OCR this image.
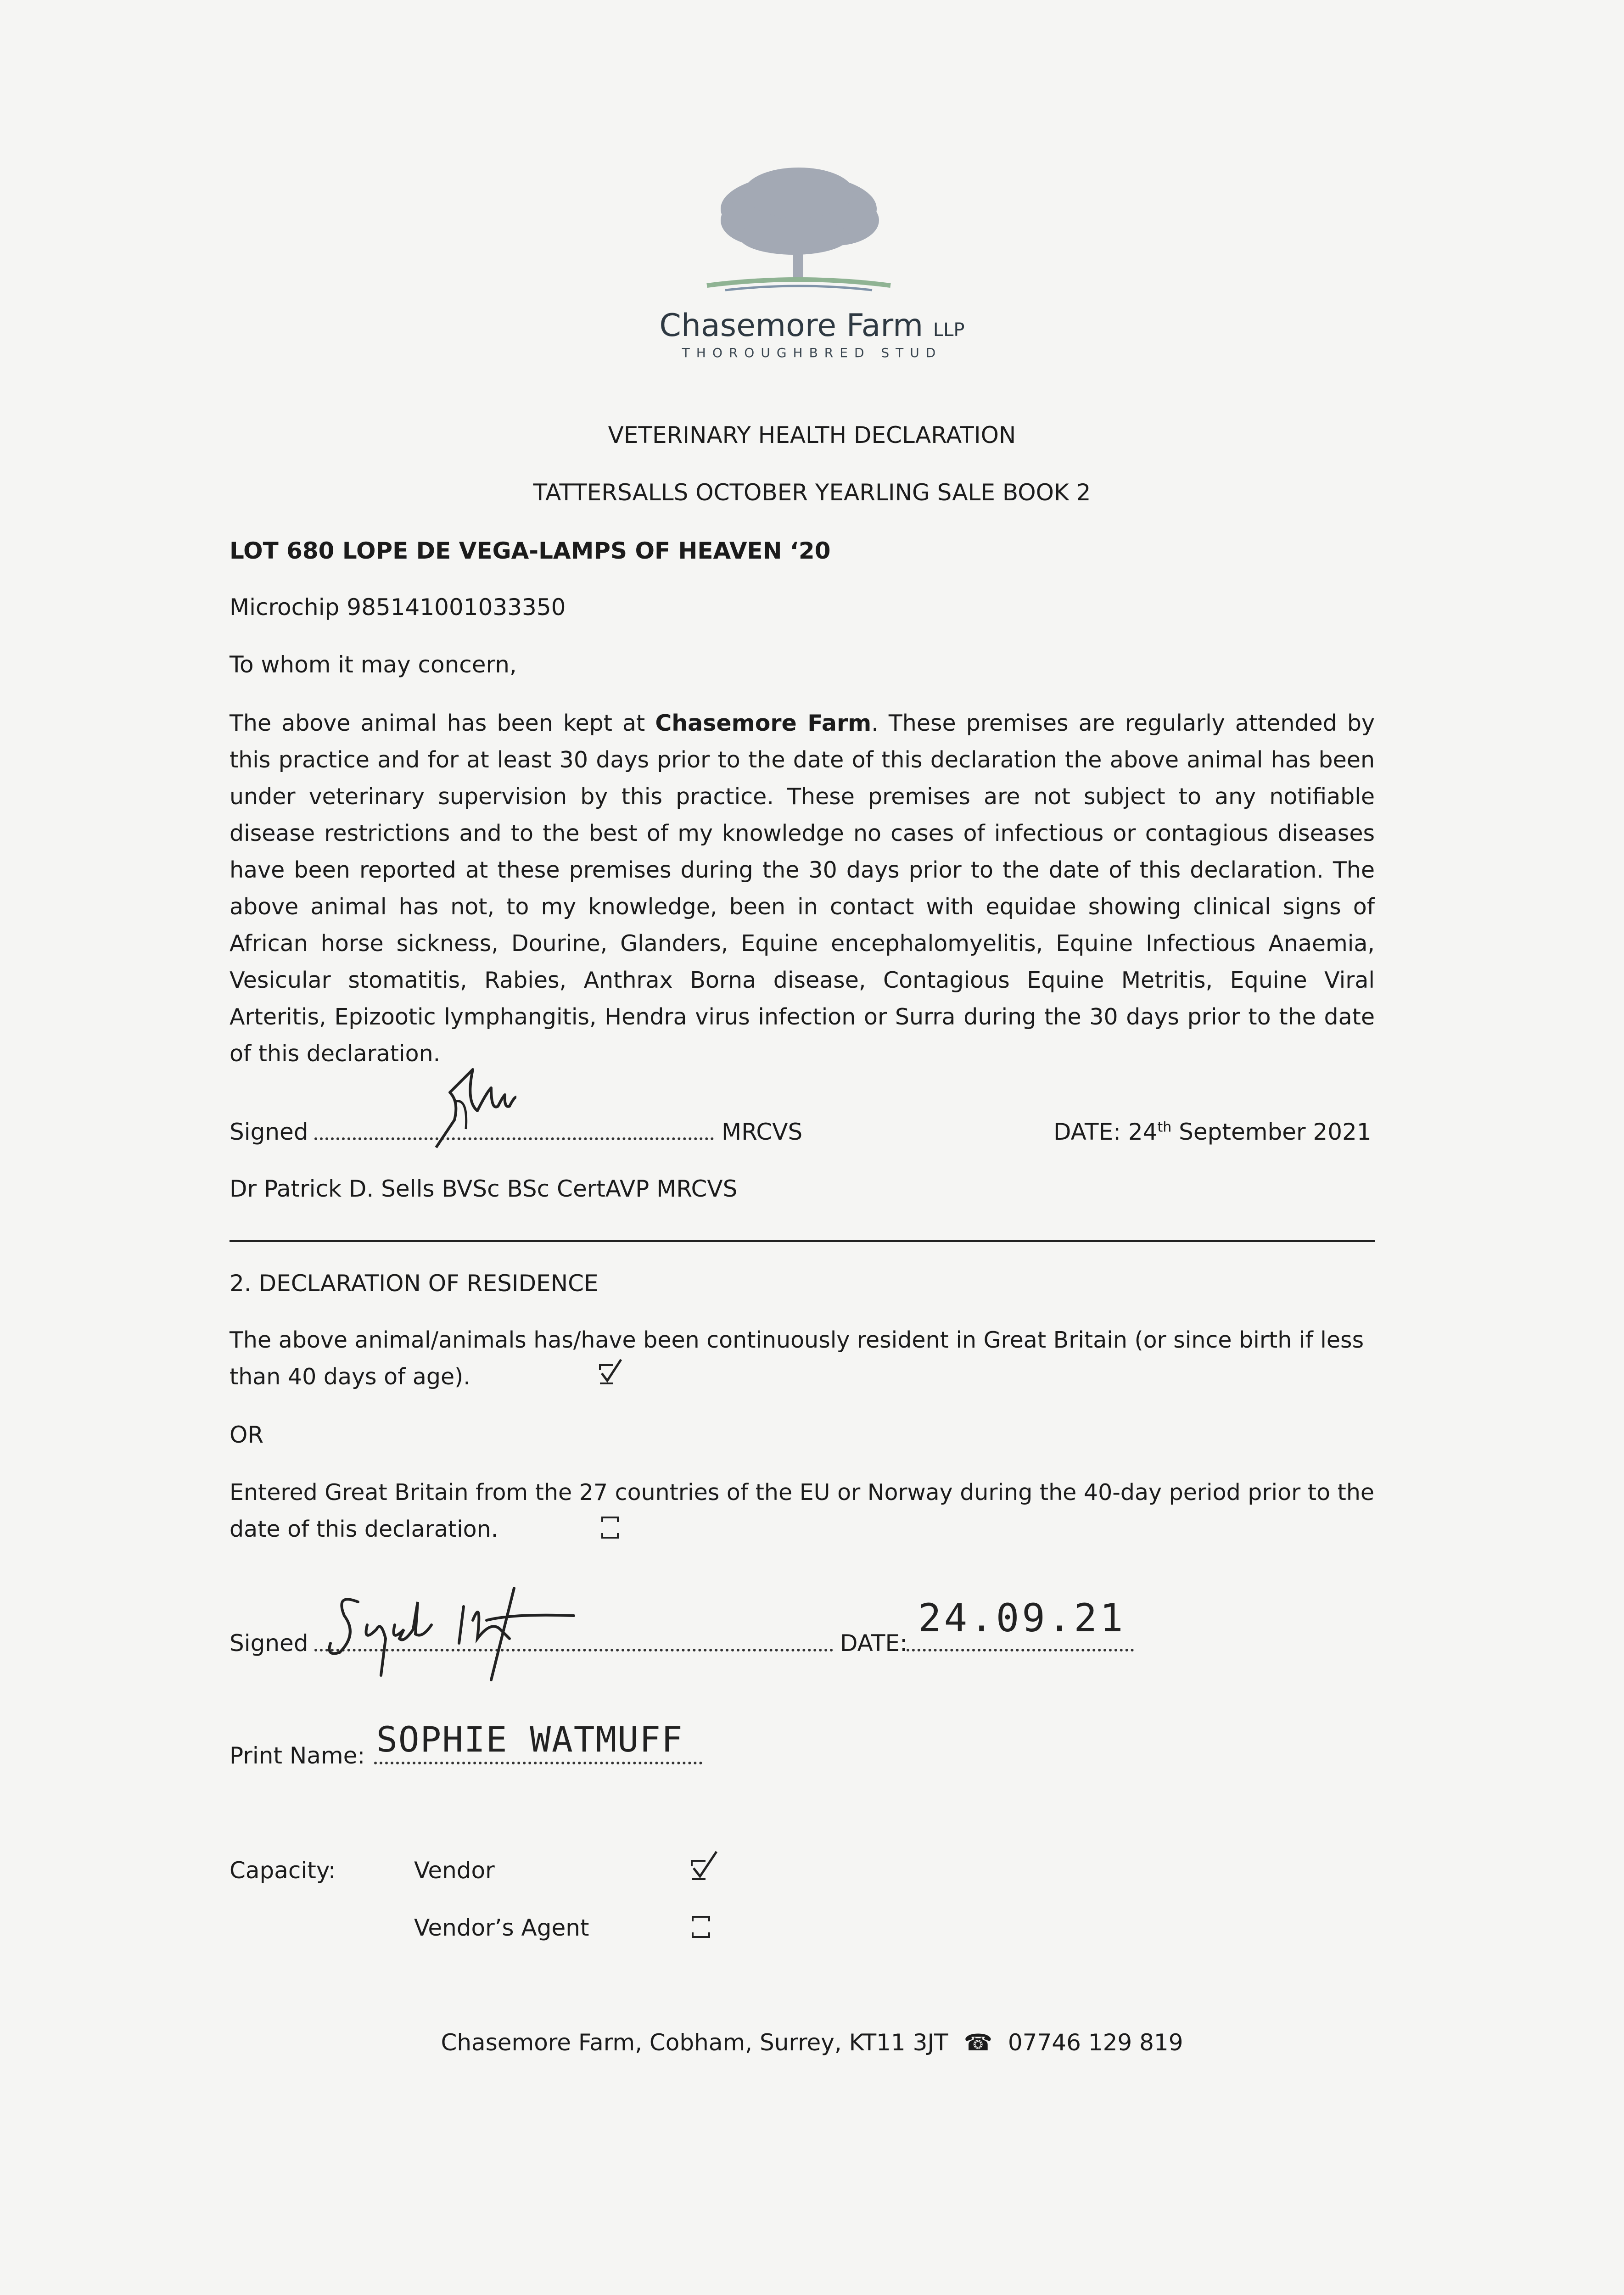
Chasemore Farm LLP
THOROUGHBRED STUD
VETERINARY HEALTH DECLARATION
TATTERSALLS OCTOBER YEARLING SALE BOOK 2
LOT 680 LOPE DE VEGA-LAMPS OF HEAVEN ‘20
Microchip 985141001033350
To whom it may concern,
The above animal has been kept at Chasemore Farm. These premises are regularly attended by this practice and for at least 30 days prior to the date of this declaration the above animal has been under veterinary supervision by this practice. These premises are not subject to any notifiable disease restrictions and to the best of my knowledge no cases of infectious or contagious diseases have been reported at these premises during the 30 days prior to the date of this declaration. The above animal has not, to my knowledge, been in contact with equidae showing clinical signs of African horse sickness, Dourine, Glanders, Equine encephalomyelitis, Equine Infectious Anaemia, Vesicular stomatitis, Rabies, Anthrax Borna disease, Contagious Equine Metritis, Equine Viral Arteritis, Epizootic lymphangitis, Hendra virus infection or Surra during the 30 days prior to the date of this declaration.
Signed	MRCVS	DATE: 24th September 2021
Dr Patrick D. Sells BVSc BSc CertAVP MRCVS
2. DECLARATION OF RESIDENCE
The above animal/animals has/have been continuously resident in Great Britain (or since birth if less than 40 days of age).
OR
Entered Great Britain from the 27 countries of the EU or Norway during the 40-day period prior to the date of this declaration.
Signed	DATE:
24.09.21
Print Name: SOPHIE WATMUFF
Capacity:	Vendor
Vendor’s Agent
Chasemore Farm, Cobham, Surrey, KT11 3JT ☎ 07746 129 819
